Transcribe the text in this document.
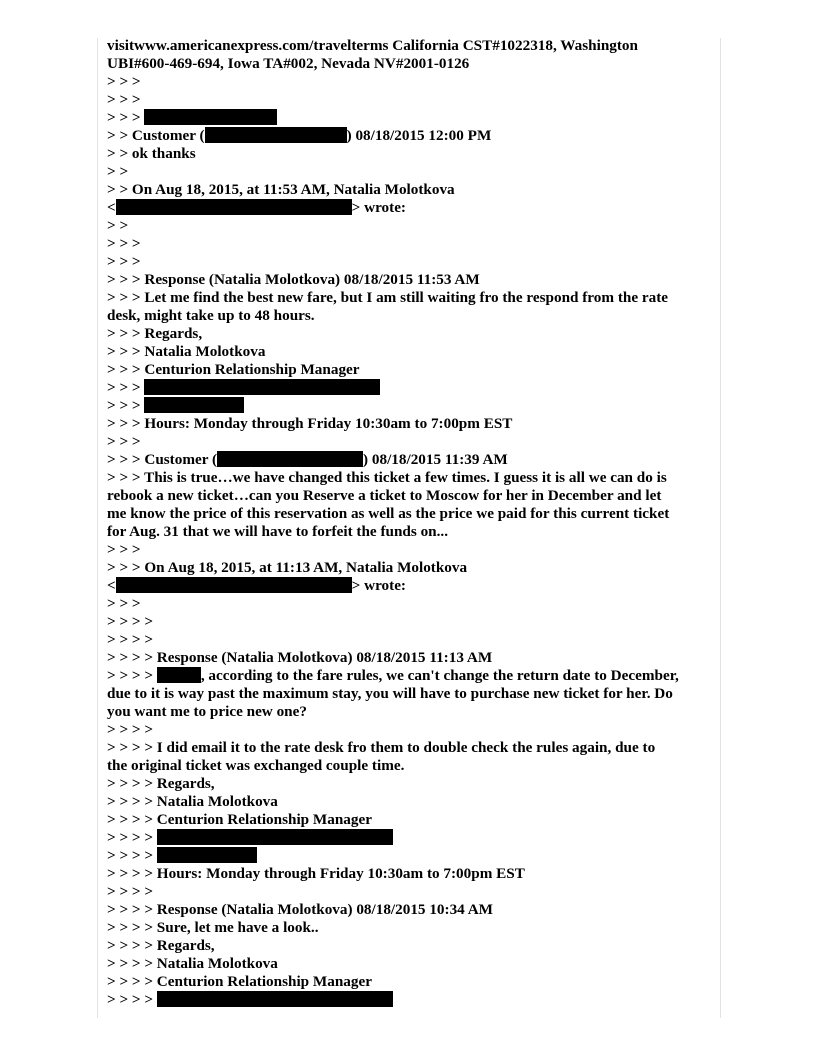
visitwww.americanexpress.com/travelterms California CST#1022318, Washington
UBI#600-469-694, Iowa TA#002, Nevada NV#2001-0126
> > >
> > >
> > >
> > Customer (	) 08/18/2015 12:00 PM
> > ok thanks
> >
> > On Aug 18, 2015, at 11:53 AM, Natalia Molotkova
<	> wrote:
> >
> > >
> > >
> > > Response (Natalia Molotkova) 08/18/2015 11:53 AM
> > > Let me find the best new fare, but I am still waiting fro the respond from the rate
desk, might take up to 48 hours.
> > > Regards,
> > > Natalia Molotkova
> > > Centurion Relationship Manager
> > >
> > >
> > > Hours: Monday through Friday 10:30am to 7:00pm EST
> > >
> > > Customer (	) 08/18/2015 11:39 AM
> > > This is true…we have changed this ticket a few times. I guess it is all we can do is
rebook a new ticket…can you Reserve a ticket to Moscow for her in December and let
me know the price of this reservation as well as the price we paid for this current ticket
for Aug. 31 that we will have to forfeit the funds on...
> > >
> > > On Aug 18, 2015, at 11:13 AM, Natalia Molotkova
<	> wrote:
> > >
> > > >
> > > >
> > > > Response (Natalia Molotkova) 08/18/2015 11:13 AM
> > > >	, according to the fare rules, we can't change the return date to December,
due to it is way past the maximum stay, you will have to purchase new ticket for her. Do
you want me to price new one?
> > > >
> > > > I did email it to the rate desk fro them to double check the rules again, due to
the original ticket was exchanged couple time.
> > > > Regards,
> > > > Natalia Molotkova
> > > > Centurion Relationship Manager
> > > >
> > > >
> > > > Hours: Monday through Friday 10:30am to 7:00pm EST
> > > >
> > > > Response (Natalia Molotkova) 08/18/2015 10:34 AM
> > > > Sure, let me have a look..
> > > > Regards,
> > > > Natalia Molotkova
> > > > Centurion Relationship Manager
> > > >
